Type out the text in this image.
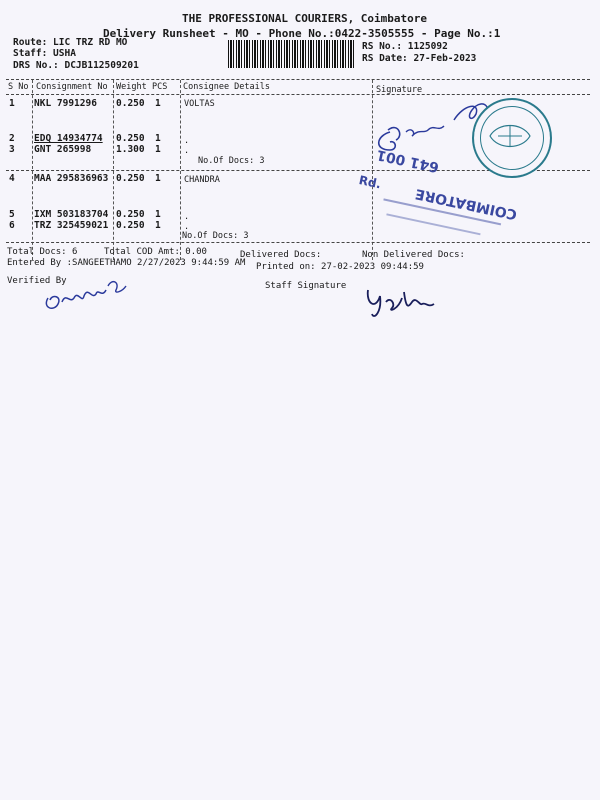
THE PROFESSIONAL COURIERS, Coimbatore
Delivery Runsheet - MO - Phone No.:0422-3505555 - Page No.:1
Route: LIC TRZ RD MO
Staff: USHA
DRS No.: DCJB112509201
RS No.: 1125092
RS Date: 27-Feb-2023
S No Consignment No Weight PCS Consignee Details	Signature
1 NKL 7991296 0.250 1	VOLTAS
2 EDQ 14934774 0.250 1	.
3 GNT 265998	1.300 1	.
No.Of Docs: 3
4 MAA 295836963 0.250 1	CHANDRA
5 IXM 503183704 0.250 1	.
6 TRZ 325459021 0.250 1	.
No.Of Docs: 3
Total Docs: 6	Total COD Amt: 0.00	Delivered Docs:	Non Delivered Docs:
Entered By :SANGEETHAMO 2/27/2023 9:44:59 AM Printed on: 27-02-2023 09:44:59
Verified By	Staff Signature
641 001
COIMBATORE
Rd.
